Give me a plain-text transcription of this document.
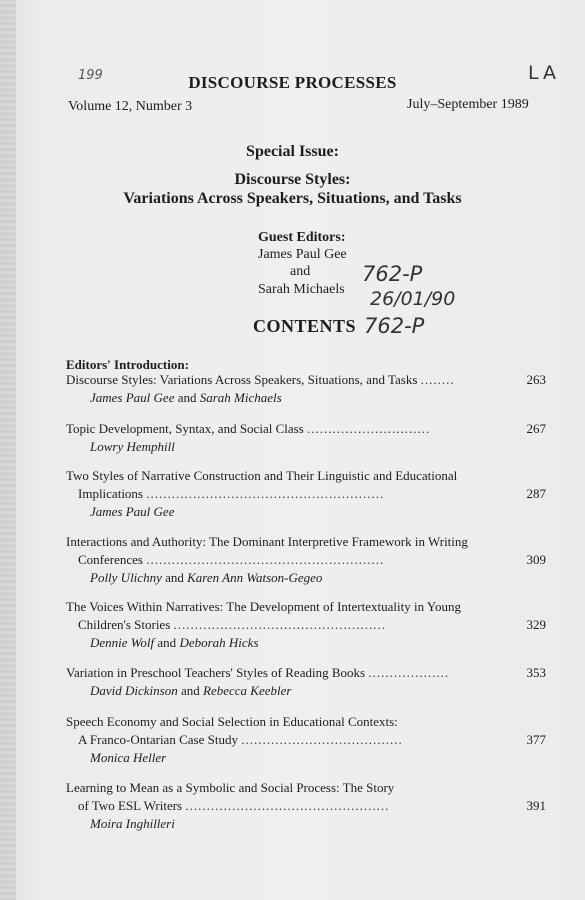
199	LA
DISCOURSE PROCESSES
Volume 12, Number 3	July–September 1989
Special Issue:
Discourse Styles:
Variations Across Speakers, Situations, and Tasks
Guest Editors:
James Paul Gee
and
Sarah Michaels
762-P
26/01/90
762-P
CONTENTS
Editors' Introduction:
Discourse Styles: Variations Across Speakers, Situations, and Tasks ........	263
James Paul Gee and Sarah Michaels
Topic Development, Syntax, and Social Class .............................	267
Lowry Hemphill
Two Styles of Narrative Construction and Their Linguistic and Educational
Implications ........................................................	287
James Paul Gee
Interactions and Authority: The Dominant Interpretive Framework in Writing
Conferences ........................................................	309
Polly Ulichny and Karen Ann Watson-Gegeo
The Voices Within Narratives: The Development of Intertextuality in Young
Children's Stories ..................................................	329
Dennie Wolf and Deborah Hicks
Variation in Preschool Teachers' Styles of Reading Books ...................	353
David Dickinson and Rebecca Keebler
Speech Economy and Social Selection in Educational Contexts:
A Franco-Ontarian Case Study ......................................	377
Monica Heller
Learning to Mean as a Symbolic and Social Process: The Story
of Two ESL Writers ................................................	391
Moira Inghilleri
